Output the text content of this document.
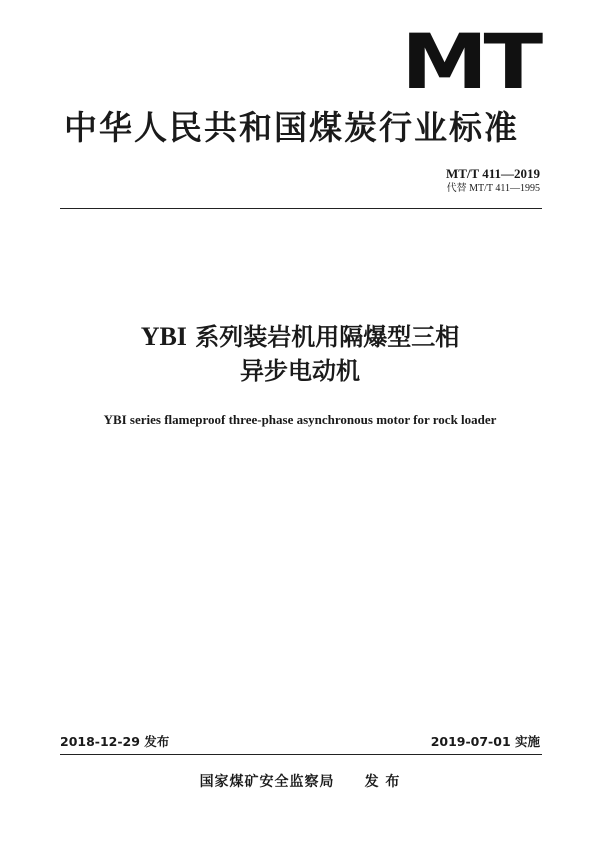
MT
中华人民共和国煤炭行业标准
MT/T 411—2019
代替 MT/T 411—1995
YBI 系列装岩机用隔爆型三相
异步电动机
YBI series flameproof three-phase asynchronous motor for rock loader
2018-12-29 发布	2019-07-01 实施
国家煤矿安全监察局 发 布
